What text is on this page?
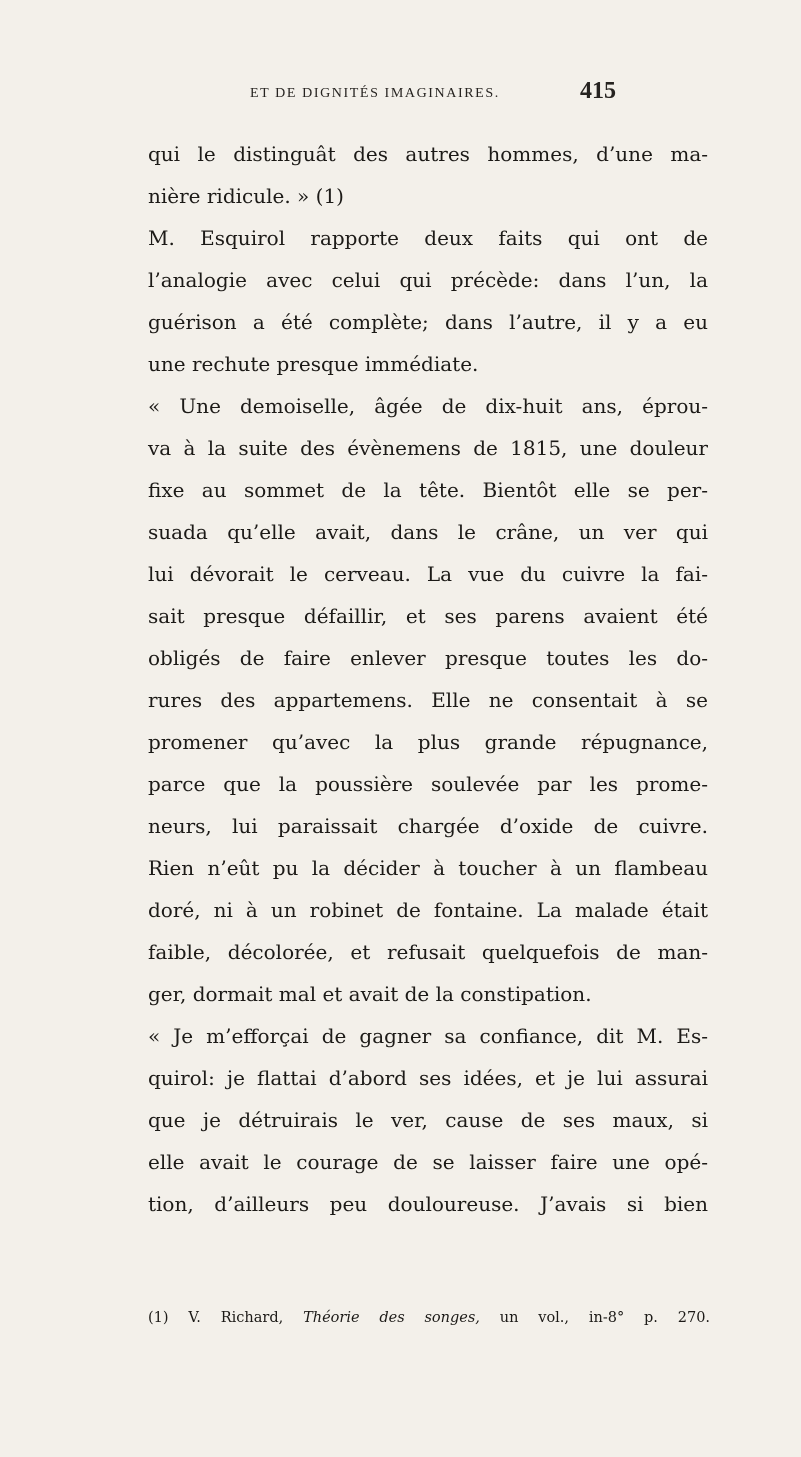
ET DE DIGNITÉS IMAGINAIRES.	415
qui le distinguât des autres hommes, d’une ma-
nière ridicule. » (1)
M. Esquirol rapporte deux faits qui ont de
l’analogie avec celui qui précède: dans l’un, la
guérison a été complète; dans l’autre, il y a eu
une rechute presque immédiate.
« Une demoiselle, âgée de dix-huit ans, éprou-
va à la suite des évènemens de 1815, une douleur
fixe au sommet de la tête. Bientôt elle se per-
suada qu’elle avait, dans le crâne, un ver qui
lui dévorait le cerveau. La vue du cuivre la fai-
sait presque défaillir, et ses parens avaient été
obligés de faire enlever presque toutes les do-
rures des appartemens. Elle ne consentait à se
promener qu’avec la plus grande répugnance,
parce que la poussière soulevée par les prome-
neurs, lui paraissait chargée d’oxide de cuivre.
Rien n’eût pu la décider à toucher à un flambeau
doré, ni à un robinet de fontaine. La malade était
faible, décolorée, et refusait quelquefois de man-
ger, dormait mal et avait de la constipation.
« Je m’efforçai de gagner sa confiance, dit M. Es-
quirol: je flattai d’abord ses idées, et je lui assurai
que je détruirais le ver, cause de ses maux, si
elle avait le courage de se laisser faire une opé-
tion, d’ailleurs peu douloureuse. J’avais si bien
(1) V. Richard, Théorie des songes, un vol., in-8° p. 270.
